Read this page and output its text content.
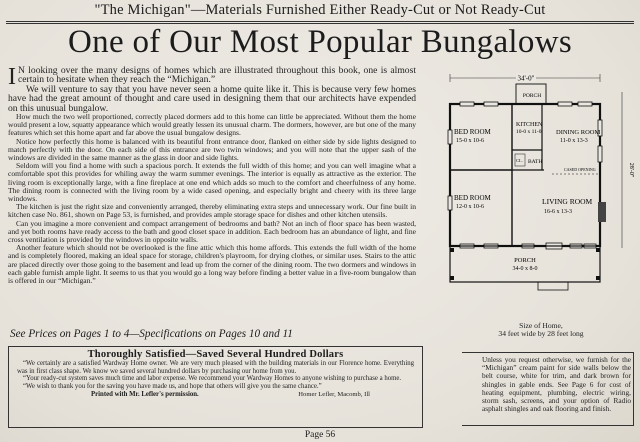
"The Michigan"—Materials Furnished Either Ready-Cut or Not Ready-Cut
One of Our Most Popular Bungalows

I N looking over the many designs of homes which are illustrated throughout this book, one is almost certain to hesitate when they reach the “Michigan.”

We will venture to say that you have never seen a home quite like it. This is because very few homes have had the great amount of thought and care used in designing them that our architects have expended on this unusual bungalow.

How much the two well proportioned, correctly placed dormers add to this home can little be appreciated. Without them the home would present a low, squatty appearance which would greatly lessen its unusual charm. The dormers, however, are but one of the many features which set this home apart and far above the usual bungalow designs.

Notice how perfectly this home is balanced with its beautiful front entrance door, flanked on either side by side lights designed to match perfectly with the door. On each side of this entrance are two twin windows; and you will note that the upper sash of the windows are divided in the same manner as the glass in door and side lights.

Seldom will you find a home with such a spacious porch. It extends the full width of this home; and you can well imagine what a comfortable spot this provides for whiling away the warm summer evenings. The interior is equally as attractive as the exterior. The living room is exceptionally large, with a fine fireplace at one end which adds so much to the comfort and cheerfulness of any home. The dining room is connected with the living room by a wide cased opening, and especially bright and cheery with its three large windows.

The kitchen is just the right size and conveniently arranged, thereby eliminating extra steps and unnecessary work. Our fine built in kitchen case No. 861, shown on Page 53, is furnished, and provides ample storage space for dishes and other kitchen utensils.

Can you imagine a more convenient and compact arrangement of bedrooms and bath? Not an inch of floor space has been wasted, and yet both rooms have ready access to the bath and good closet space in addition. Each bedroom has an abundance of light, and fine cross ventilation is provided by the windows in opposite walls.

Another feature which should not be overlooked is the fine attic which this home affords. This extends the full width of the home and is completely floored, making an ideal space for storage, children's playroom, for drying clothes, or similar uses. Stairs to the attic are placed directly over those going to the basement and lead up from the corner of the dining room. The two dormers and windows in each gable furnish ample light. It seems to us that you would go a long way before finding a better value in a five-room bungalow than is offered in our “Michigan.”

See Prices on Pages 1 to 4—Specifications on Pages 10 and 11
34'-0"
28'-0"
PORCH
BED ROOM
15-0 x 10-6
KITCHEN
10-0 x 11-0 DINING ROOM
11-0 x 13-3
BATH
CL.
CASED OPENING
BED ROOM
12-0 x 10-6
LIVING ROOM
16-6 x 13-3
PORCH
34-0 x 8-0
Size of Home,
34 feet wide by 28 feet long
Thoroughly Satisfied—Saved Several Hundred Dollars

“We certainly are a satisfied Wardway Home owner. We are very much pleased with the building materials in our Florence home. Everything was in first class shape. We know we saved several hundred dollars by purchasing our home from you.

“Your ready-cut system saves much time and labor expense. We recommend your Wardway Homes to anyone wishing to purchase a home.

“We wish to thank you for the saving you have made us, and hope that others will give you the same chance.”

Printed with Mr. Lefler's permission.	Homer Lefler, Macomb, Ill
Unless you request otherwise, we furnish for the “Michigan” cream paint for side walls below the belt course, white for trim, and dark brown for shingles in gable ends. See Page 6 for cost of heating equipment, plumbing, electric wiring, storm sash, screens, and your option of Radio asphalt shingles and oak flooring and finish.
Page 56
